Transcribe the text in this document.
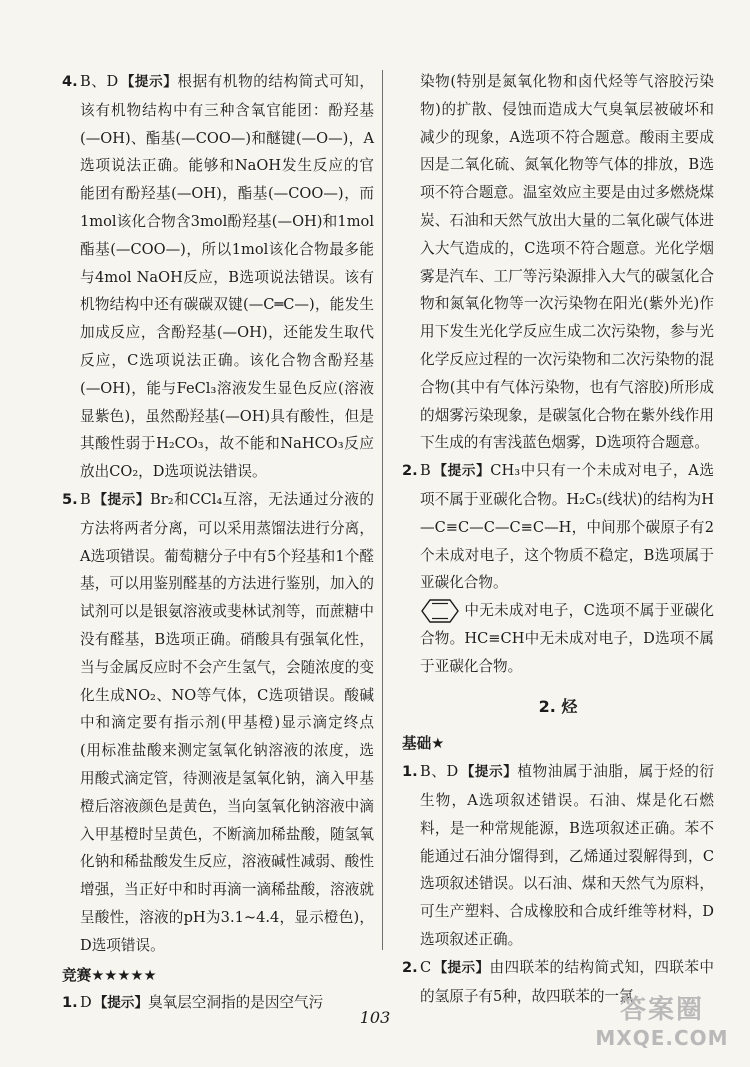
4. B、D 【提示】根据有机物的结构简式可知，该有机物结构中有三种含氧官能团：酚羟基(—OH)、酯基(—COO—)和醚键(—O—)，A选项说法正确。能够和NaOH发生反应的官能团有酚羟基(—OH)，酯基(—COO—)，而1mol该化合物含3mol酚羟基(—OH)和1mol酯基(—COO—)，所以1mol该化合物最多能与4mol NaOH反应，B选项说法错误。该有机物结构中还有碳碳双键(—C═C—)，能发生加成反应，含酚羟基(—OH)，还能发生取代反应，C选项说法正确。该化合物含酚羟基(—OH)，能与FeCl₃溶液发生显色反应(溶液显紫色)，虽然酚羟基(—OH)具有酸性，但是其酸性弱于H₂CO₃，故不能和NaHCO₃反应放出CO₂，D选项说法错误。

5. B 【提示】Br₂和CCl₄互溶，无法通过分液的方法将两者分离，可以采用蒸馏法进行分离，A选项错误。葡萄糖分子中有5个羟基和1个醛基，可以用鉴别醛基的方法进行鉴别，加入的试剂可以是银氨溶液或斐林试剂等，而蔗糖中没有醛基，B选项正确。硝酸具有强氧化性，当与金属反应时不会产生氢气，会随浓度的变化生成NO₂、NO等气体，C选项错误。酸碱中和滴定要有指示剂(甲基橙)显示滴定终点(用标准盐酸来测定氢氧化钠溶液的浓度，选用酸式滴定管，待测液是氢氧化钠，滴入甲基橙后溶液颜色是黄色，当向氢氧化钠溶液中滴入甲基橙时呈黄色，不断滴加稀盐酸，随氢氧化钠和稀盐酸发生反应，溶液碱性减弱、酸性增强，当正好中和时再滴一滴稀盐酸，溶液就呈酸性，溶液的pH为3.1~4.4，显示橙色)，D选项错误。

竞赛★★★★★

1. D 【提示】臭氧层空洞指的是因空气污

染物(特别是氮氧化物和卤代烃等气溶胶污染物)的扩散、侵蚀而造成大气臭氧层被破坏和减少的现象，A选项不符合题意。酸雨主要成因是二氧化硫、氮氧化物等气体的排放，B选项不符合题意。温室效应主要是由过多燃烧煤炭、石油和天然气放出大量的二氧化碳气体进入大气造成的，C选项不符合题意。光化学烟雾是汽车、工厂等污染源排入大气的碳氢化合物和氮氧化物等一次污染物在阳光(紫外光)作用下发生光化学反应生成二次污染物，参与光化学反应过程的一次污染物和二次污染物的混合物(其中有气体污染物，也有气溶胶)所形成的烟雾污染现象，是碳氢化合物在紫外线作用下生成的有害浅蓝色烟雾，D选项符合题意。

2. B 【提示】CH₃中只有一个未成对电子，A选项不属于亚碳化合物。H₂C₅(线状)的结构为H—C≡C—C—C≡C—H，中间那个碳原子有2个未成对电子，这个物质不稳定，B选项属于亚碳化合物。
中无未成对电子，C选项不属于亚碳化合物。HC≡CH中无未成对电子，D选项不属于亚碳化合物。

2. 烃

基础★

1. B、D 【提示】植物油属于油脂，属于烃的衍生物，A选项叙述错误。石油、煤是化石燃料，是一种常规能源，B选项叙述正确。苯不能通过石油分馏得到，乙烯通过裂解得到，C选项叙述错误。以石油、煤和天然气为原料，可生产塑料、合成橡胶和合成纤维等材料，D选项叙述正确。

2. C 【提示】由四联苯的结构简式知，四联苯中的氢原子有5种，故四联苯的一氯

103	答案圈
MXQE.COM
